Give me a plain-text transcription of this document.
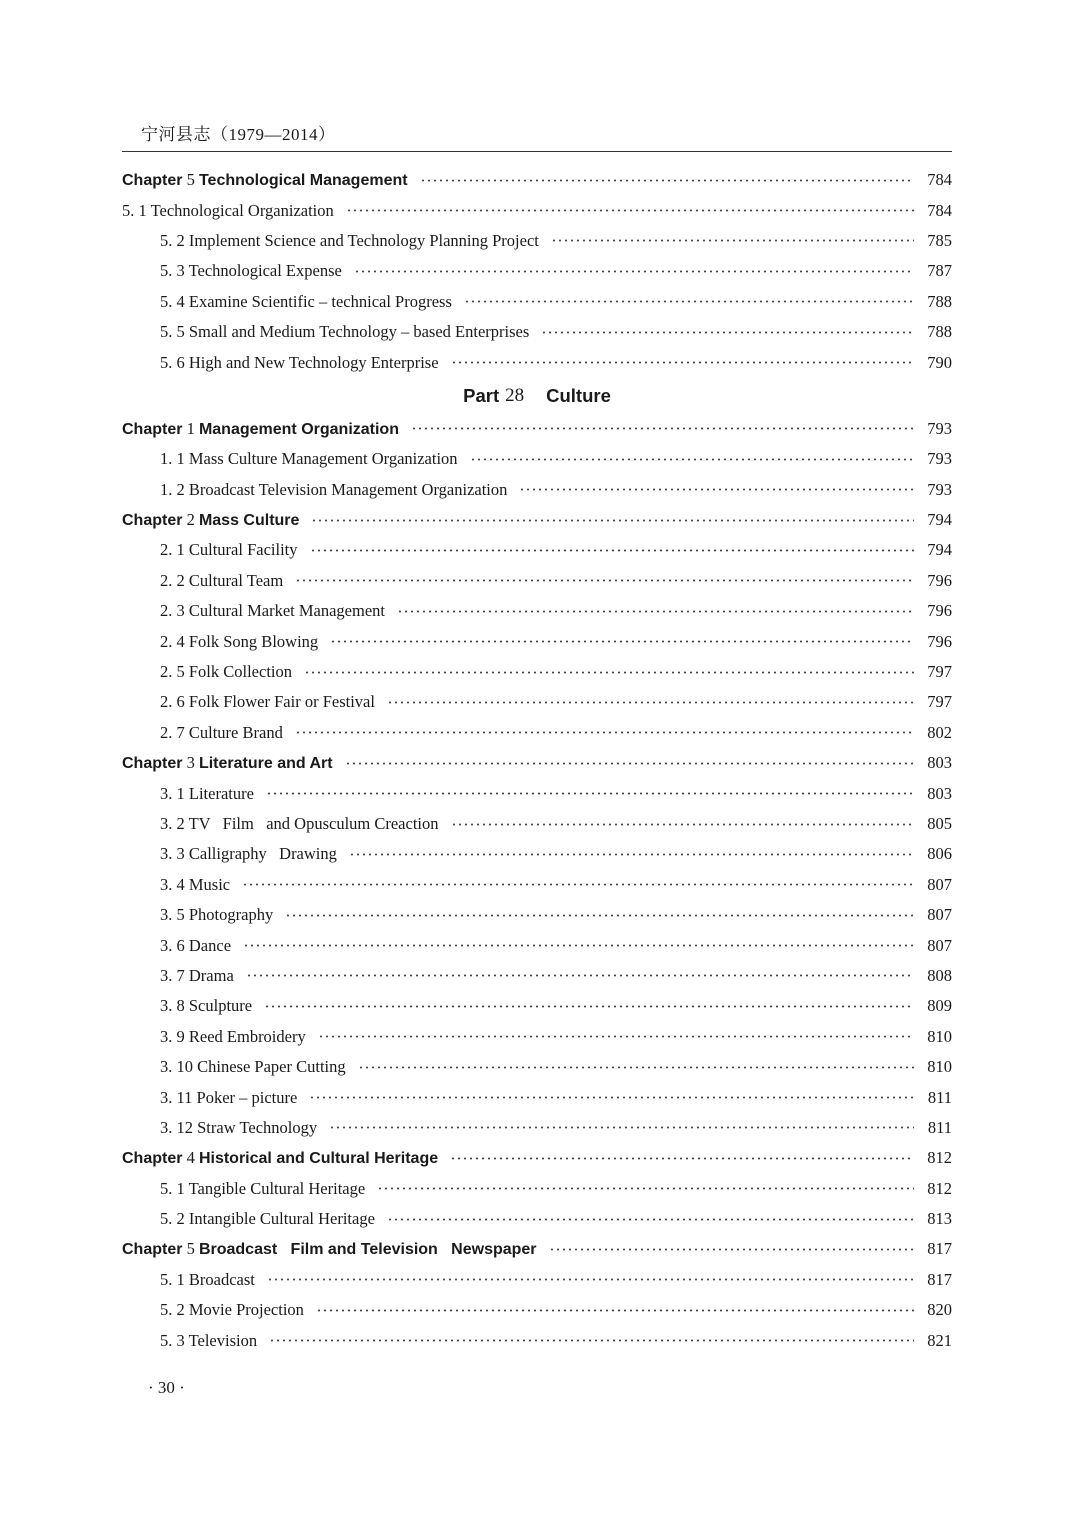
宁河县志（1979—2014）
Chapter 5 Technological Management	784
5. 1 Technological Organization	784
5. 2 Implement Science and Technology Planning Project	785
5. 3 Technological Expense	787
5. 4 Examine Scientific – technical Progress	788
5. 5 Small and Medium Technology – based Enterprises	788
5. 6 High and New Technology Enterprise	790
Part 28 Culture
Chapter 1 Management Organization	793
1. 1 Mass Culture Management Organization	793
1. 2 Broadcast Television Management Organization	793
Chapter 2 Mass Culture	794
2. 1 Cultural Facility	794
2. 2 Cultural Team	796
2. 3 Cultural Market Management	796
2. 4 Folk Song Blowing	796
2. 5 Folk Collection	797
2. 6 Folk Flower Fair or Festival	797
2. 7 Culture Brand	802
Chapter 3 Literature and Art	803
3. 1 Literature	803
3. 2 TV   Film   and Opusculum Creaction	805
3. 3 Calligraphy   Drawing	806
3. 4 Music	807
3. 5 Photography	807
3. 6 Dance	807
3. 7 Drama	808
3. 8 Sculpture	809
3. 9 Reed Embroidery	810
3. 10 Chinese Paper Cutting	810
3. 11 Poker – picture	811
3. 12 Straw Technology	811
Chapter 4 Historical and Cultural Heritage	812
5. 1 Tangible Cultural Heritage	812
5. 2 Intangible Cultural Heritage	813
Chapter 5 Broadcast   Film and Television   Newspaper	817
5. 1 Broadcast	817
5. 2 Movie Projection	820
5. 3 Television	821
· 30 ·
